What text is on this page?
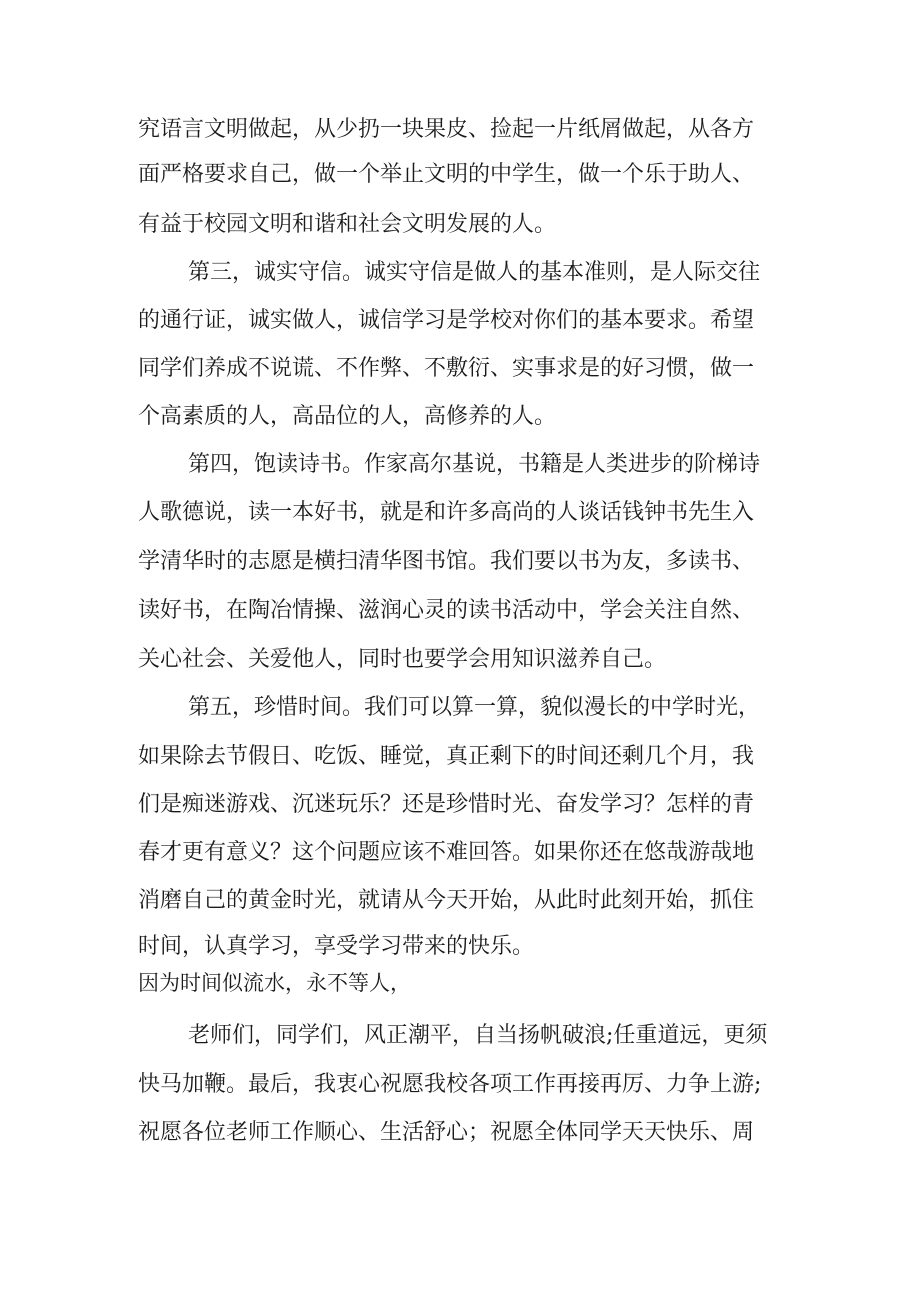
究语言文明做起，从少扔一块果皮、捡起一片纸屑做起，从各方
面严格要求自己，做一个举止文明的中学生，做一个乐于助人、
有益于校园文明和谐和社会文明发展的人。
第三，诚实守信。诚实守信是做人的基本准则，是人际交往
的通行证，诚实做人，诚信学习是学校对你们的基本要求。希望
同学们养成不说谎、不作弊、不敷衍、实事求是的好习惯，做一
个高素质的人，高品位的人，高修养的人。
第四，饱读诗书。作家高尔基说，书籍是人类进步的阶梯诗
人歌德说，读一本好书，就是和许多高尚的人谈话钱钟书先生入
学清华时的志愿是横扫清华图书馆。我们要以书为友，多读书、
读好书，在陶冶情操、滋润心灵的读书活动中，学会关注自然、
关心社会、关爱他人，同时也要学会用知识滋养自己。
第五，珍惜时间。我们可以算一算，貌似漫长的中学时光，
如果除去节假日、吃饭、睡觉，真正剩下的时间还剩几个月，我
们是痴迷游戏、沉迷玩乐？还是珍惜时光、奋发学习？怎样的青
春才更有意义？这个问题应该不难回答。如果你还在悠哉游哉地
消磨自己的黄金时光，就请从今天开始，从此时此刻开始，抓住
时间，认真学习，享受学习带来的快乐。
因为时间似流水，永不等人，
老师们，同学们，风正潮平，自当扬帆破浪;任重道远，更须
快马加鞭。最后，我衷心祝愿我校各项工作再接再厉、力争上游;
祝愿各位老师工作顺心、生活舒心；祝愿全体同学天天快乐、周
